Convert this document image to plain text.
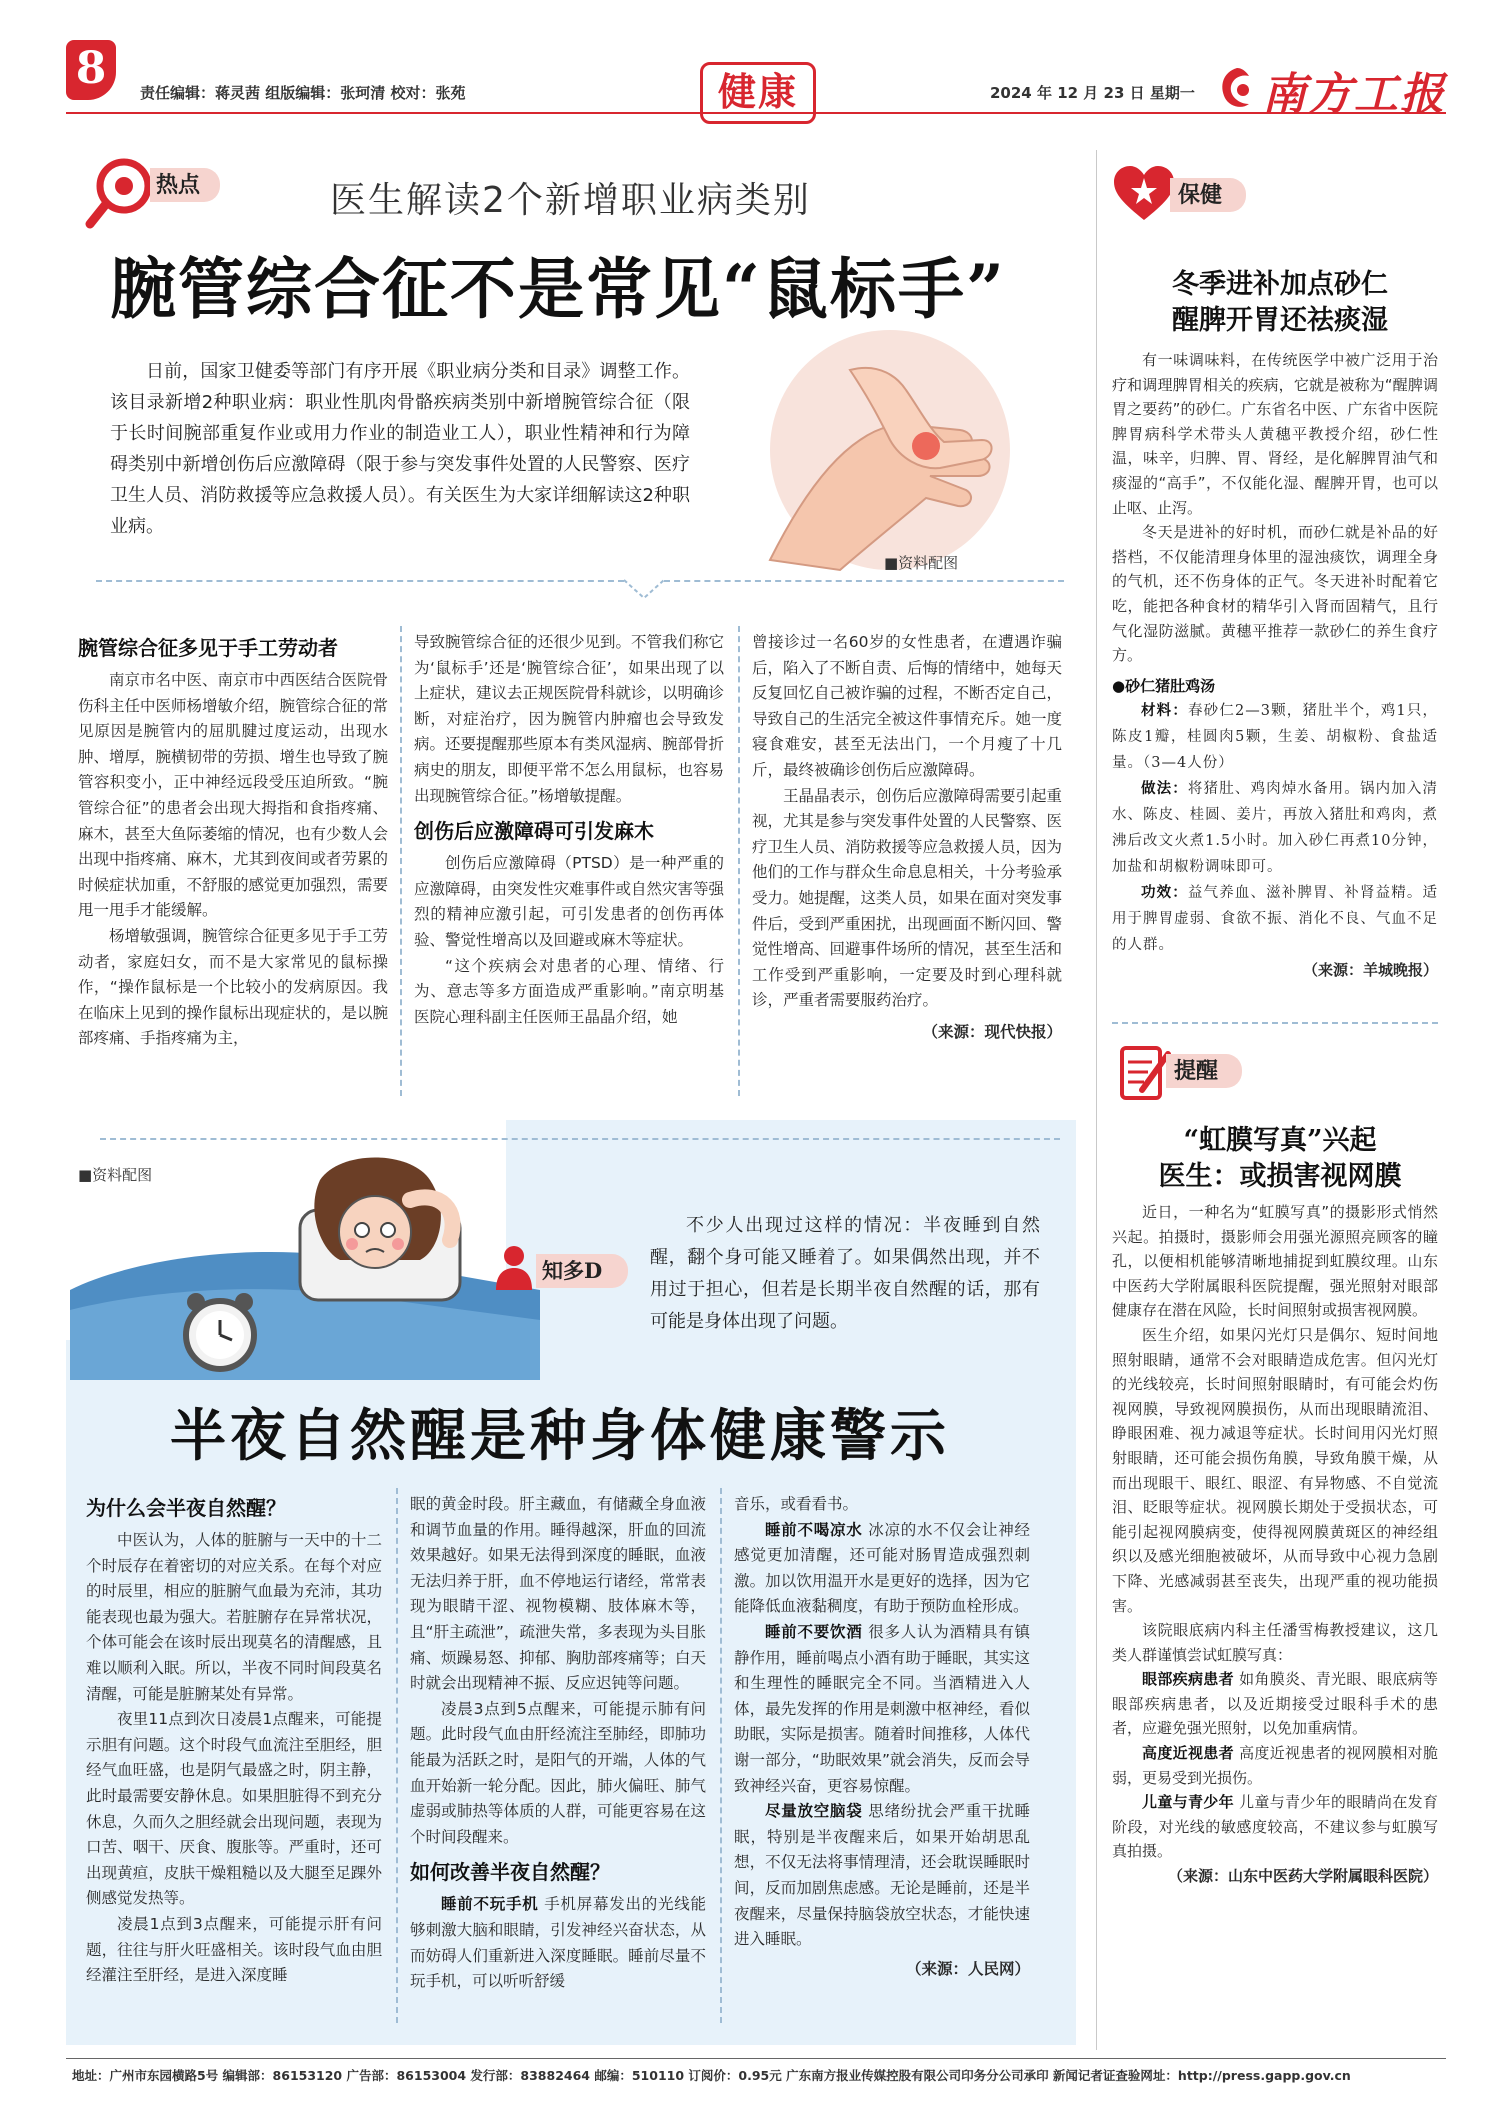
8	责任编辑：蒋灵茜 组版编辑：张珂清 校对：张苑	健康	2024 年 12 月 23 日 星期一 南方工报
热点	医生解读2个新增职业病类别
腕管综合征不是常见“鼠标手”

日前，国家卫健委等部门有序开展《职业病分类和目录》调整工作。该目录新增2种职业病：职业性肌肉骨骼疾病类别中新增腕管综合征（限于长时间腕部重复作业或用力作业的制造业工人），职业性精神和行为障碍类别中新增创伤后应激障碍（限于参与突发事件处置的人民警察、医疗卫生人员、消防救援等应急救援人员）。有关医生为大家详细解读这2种职业病。

■资料配图
腕管综合征多见于手工劳动者

南京市名中医、南京市中西医结合医院骨伤科主任中医师杨增敏介绍，腕管综合征的常见原因是腕管内的屈肌腱过度运动，出现水肿、增厚，腕横韧带的劳损、增生也导致了腕管容积变小，正中神经远段受压迫所致。“腕管综合征”的患者会出现大拇指和食指疼痛、麻木，甚至大鱼际萎缩的情况，也有少数人会出现中指疼痛、麻木，尤其到夜间或者劳累的时候症状加重，不舒服的感觉更加强烈，需要甩一甩手才能缓解。

杨增敏强调，腕管综合征更多见于手工劳动者，家庭妇女，而不是大家常见的鼠标操作，“操作鼠标是一个比较小的发病原因。我在临床上见到的操作鼠标出现症状的，是以腕部疼痛、手指疼痛为主，

导致腕管综合征的还很少见到。不管我们称它为‘鼠标手’还是‘腕管综合征’，如果出现了以上症状，建议去正规医院骨科就诊，以明确诊断，对症治疗，因为腕管内肿瘤也会导致发病。还要提醒那些原本有类风湿病、腕部骨折病史的朋友，即便平常不怎么用鼠标，也容易出现腕管综合征。”杨增敏提醒。

创伤后应激障碍可引发麻木

创伤后应激障碍（PTSD）是一种严重的应激障碍，由突发性灾难事件或自然灾害等强烈的精神应激引起，可引发患者的创伤再体验、警觉性增高以及回避或麻木等症状。

“这个疾病会对患者的心理、情绪、行为、意志等多方面造成严重影响。”南京明基医院心理科副主任医师王晶晶介绍，她

曾接诊过一名60岁的女性患者，在遭遇诈骗后，陷入了不断自责、后悔的情绪中，她每天反复回忆自己被诈骗的过程，不断否定自己，导致自己的生活完全被这件事情充斥。她一度寝食难安，甚至无法出门，一个月瘦了十几斤，最终被确诊创伤后应激障碍。

王晶晶表示，创伤后应激障碍需要引起重视，尤其是参与突发事件处置的人民警察、医疗卫生人员、消防救援等应急救援人员，因为他们的工作与群众生命息息相关，十分考验承受力。她提醒，这类人员，如果在面对突发事件后，受到严重困扰，出现画面不断闪回、警觉性增高、回避事件场所的情况，甚至生活和工作受到严重影响，一定要及时到心理科就诊，严重者需要服药治疗。

（来源：现代快报）

■资料配图
知多D

不少人出现过这样的情况：半夜睡到自然醒，翻个身可能又睡着了。如果偶然出现，并不用过于担心，但若是长期半夜自然醒的话，那有可能是身体出现了问题。

半夜自然醒是种身体健康警示
为什么会半夜自然醒？

中医认为，人体的脏腑与一天中的十二个时辰存在着密切的对应关系。在每个对应的时辰里，相应的脏腑气血最为充沛，其功能表现也最为强大。若脏腑存在异常状况，个体可能会在该时辰出现莫名的清醒感，且难以顺利入眠。所以，半夜不同时间段莫名清醒，可能是脏腑某处有异常。

夜里11点到次日凌晨1点醒来，可能提示胆有问题。这个时段气血流注至胆经，胆经气血旺盛，也是阴气最盛之时，阴主静，此时最需要安静休息。如果胆脏得不到充分休息，久而久之胆经就会出现问题，表现为口苦、咽干、厌食、腹胀等。严重时，还可出现黄疸，皮肤干燥粗糙以及大腿至足踝外侧感觉发热等。

凌晨1点到3点醒来，可能提示肝有问题，往往与肝火旺盛相关。该时段气血由胆经灌注至肝经，是进入深度睡

眠的黄金时段。肝主藏血，有储藏全身血液和调节血量的作用。睡得越深，肝血的回流效果越好。如果无法得到深度的睡眠，血液无法归养于肝，血不停地运行诸经，常常表现为眼睛干涩、视物模糊、肢体麻木等，且“肝主疏泄”，疏泄失常，多表现为头目胀痛、烦躁易怒、抑郁、胸肋部疼痛等；白天时就会出现精神不振、反应迟钝等问题。

凌晨3点到5点醒来，可能提示肺有问题。此时段气血由肝经流注至肺经，即肺功能最为活跃之时，是阳气的开端，人体的气血开始新一轮分配。因此，肺火偏旺、肺气虚弱或肺热等体质的人群，可能更容易在这个时间段醒来。

如何改善半夜自然醒？

睡前不玩手机 手机屏幕发出的光线能够刺激大脑和眼睛，引发神经兴奋状态，从而妨碍人们重新进入深度睡眠。睡前尽量不玩手机，可以听听舒缓

音乐，或看看书。

睡前不喝凉水 冰凉的水不仅会让神经感觉更加清醒，还可能对肠胃造成强烈刺激。加以饮用温开水是更好的选择，因为它能降低血液黏稠度，有助于预防血栓形成。

睡前不要饮酒 很多人认为酒精具有镇静作用，睡前喝点小酒有助于睡眠，其实这和生理性的睡眠完全不同。当酒精进入人体，最先发挥的作用是刺激中枢神经，看似助眠，实际是损害。随着时间推移，人体代谢一部分，“助眠效果”就会消失，反而会导致神经兴奋，更容易惊醒。

尽量放空脑袋 思绪纷扰会严重干扰睡眠，特别是半夜醒来后，如果开始胡思乱想，不仅无法将事情理清，还会耽误睡眠时间，反而加剧焦虑感。无论是睡前，还是半夜醒来，尽量保持脑袋放空状态，才能快速进入睡眠。

（来源：人民网）

保健
冬季进补加点砂仁
醒脾开胃还祛痰湿

有一味调味料，在传统医学中被广泛用于治疗和调理脾胃相关的疾病，它就是被称为“醒脾调胃之要药”的砂仁。广东省名中医、广东省中医院脾胃病科学术带头人黄穗平教授介绍，砂仁性温，味辛，归脾、胃、肾经，是化解脾胃油气和痰湿的“高手”，不仅能化湿、醒脾开胃，也可以止呕、止泻。

冬天是进补的好时机，而砂仁就是补品的好搭档，不仅能清理身体里的湿浊痰饮，调理全身的气机，还不伤身体的正气。冬天进补时配着它吃，能把各种食材的精华引入肾而固精气，且行气化湿防滋腻。黄穗平推荐一款砂仁的养生食疗方。

●砂仁猪肚鸡汤

材料：春砂仁2—3颗，猪肚半个，鸡1只，陈皮1瓣，桂圆肉5颗，生姜、胡椒粉、食盐适量。（3—4人份）

做法：将猪肚、鸡肉焯水备用。锅内加入清水、陈皮、桂圆、姜片，再放入猪肚和鸡肉，煮沸后改文火煮1.5小时。加入砂仁再煮10分钟，加盐和胡椒粉调味即可。

功效：益气养血、滋补脾胃、补肾益精。适用于脾胃虚弱、食欲不振、消化不良、气血不足的人群。

（来源：羊城晚报）

提醒
“虹膜写真”兴起
医生：或损害视网膜

近日，一种名为“虹膜写真”的摄影形式悄然兴起。拍摄时，摄影师会用强光源照亮顾客的瞳孔，以便相机能够清晰地捕捉到虹膜纹理。山东中医药大学附属眼科医院提醒，强光照射对眼部健康存在潜在风险，长时间照射或损害视网膜。

医生介绍，如果闪光灯只是偶尔、短时间地照射眼睛，通常不会对眼睛造成危害。但闪光灯的光线较亮，长时间照射眼睛时，有可能会灼伤视网膜，导致视网膜损伤，从而出现眼睛流泪、睁眼困难、视力减退等症状。长时间用闪光灯照射眼睛，还可能会损伤角膜，导致角膜干燥，从而出现眼干、眼红、眼涩、有异物感、不自觉流泪、眨眼等症状。视网膜长期处于受损状态，可能引起视网膜病变，使得视网膜黄斑区的神经组织以及感光细胞被破坏，从而导致中心视力急剧下降、光感减弱甚至丧失，出现严重的视功能损害。

该院眼底病内科主任潘雪梅教授建议，这几类人群谨慎尝试虹膜写真：

眼部疾病患者 如角膜炎、青光眼、眼底病等眼部疾病患者，以及近期接受过眼科手术的患者，应避免强光照射，以免加重病情。

高度近视患者 高度近视患者的视网膜相对脆弱，更易受到光损伤。

儿童与青少年 儿童与青少年的眼睛尚在发育阶段，对光线的敏感度较高，不建议参与虹膜写真拍摄。

（来源：山东中医药大学附属眼科医院）

地址：广州市东园横路5号 编辑部：86153120 广告部：86153004 发行部：83882464 邮编：510110 订阅价：0.95元 广东南方报业传媒控股有限公司印务分公司承印 新闻记者证查验网址：http://press.gapp.gov.cn
